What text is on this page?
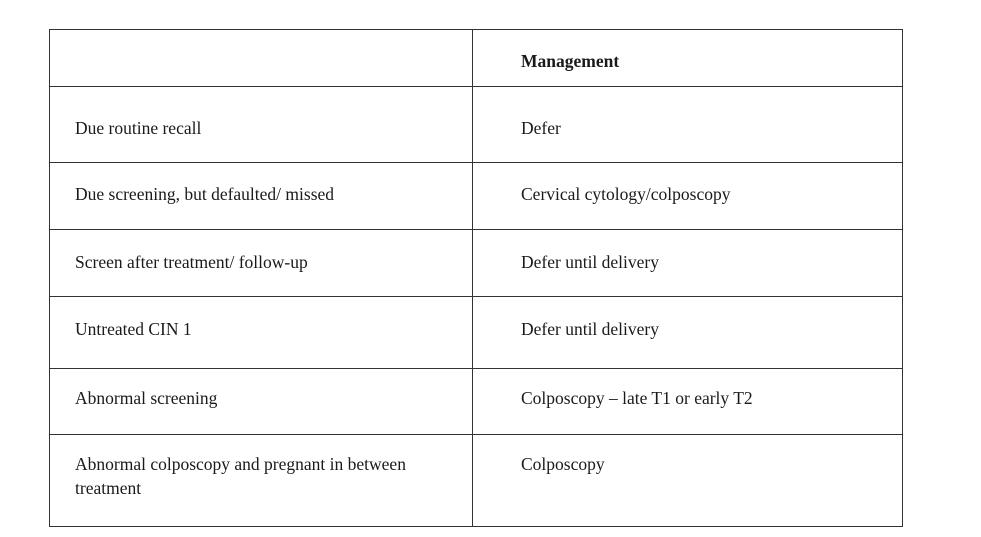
	Management
Due routine recall	Defer
Due screening, but defaulted/ missed	Cervical cytology/colposcopy
Screen after treatment/ follow-up	Defer until delivery
Untreated CIN 1	Defer until delivery
Abnormal screening	Colposcopy – late T1 or early T2
Abnormal colposcopy and pregnant in between treatment	Colposcopy
